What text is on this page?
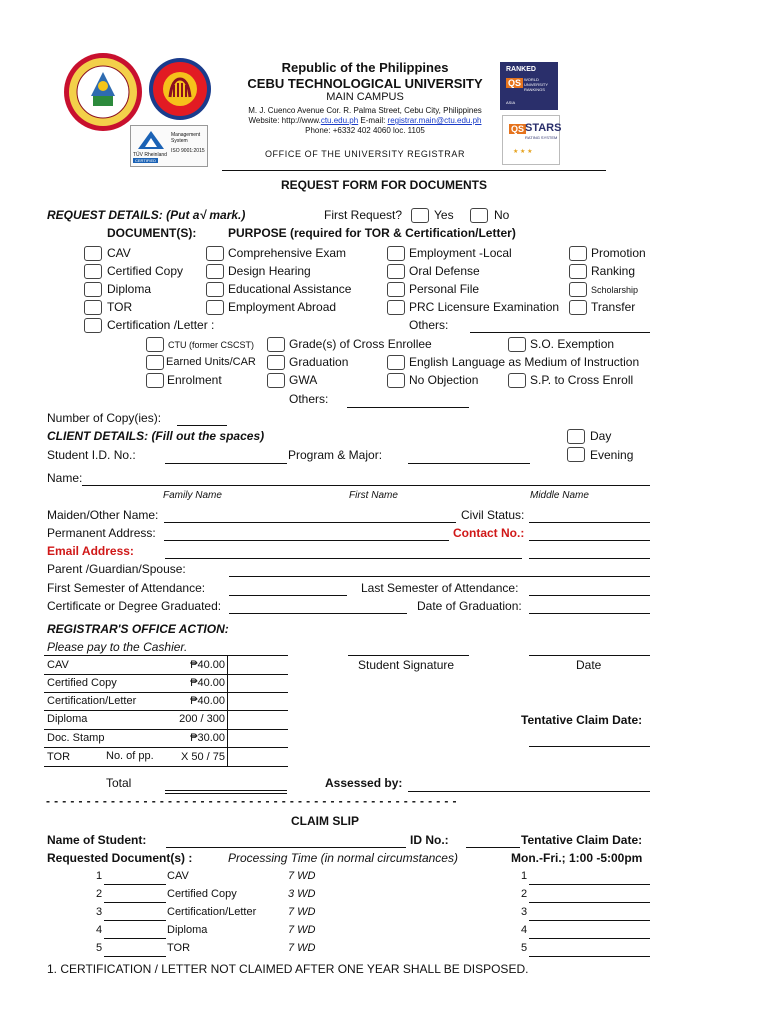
TÜV Rheinland
CERTIFIED
Management System
ISO 9001:2015
Republic of the Philippines
CEBU TECHNOLOGICAL UNIVERSITY
MAIN CAMPUS
M. J. Cuenco Avenue Cor. R. Palma Street, Cebu City, Philippines
Website: http://www.ctu.edu.ph E-mail: registrar.main@ctu.edu.ph
Phone: +6332 402 4060 loc. 1105
OFFICE OF THE UNIVERSITY REGISTRAR
RANKED
QS WORLD UNIVERSITY RANKINGS
ASIA
QS STARS
RATING SYSTEM
★ ★ ★
REQUEST FORM FOR DOCUMENTS
REQUEST DETAILS: (Put a√ mark.)	First Request?	Yes	No
DOCUMENT(S):	PURPOSE (required for TOR & Certification/Letter)
CAV
Certified Copy
Diploma
TOR
Certification /Letter :
Comprehensive Exam
Design Hearing
Educational Assistance
Employment Abroad
Employment -Local
Oral Defense
Personal File
PRC Licensure Examination
Promotion
Ranking
Scholarship
Transfer
Others:
CTU (former CSCST)
Earned Units/CAR
Enrolment
Grade(s) of Cross Enrollee
Graduation
GWA
Others:
English Language as Medium of Instruction
No Objection
S.O. Exemption
S.P. to Cross Enroll
Number of Copy(ies):
CLIENT DETAILS: (Fill out the spaces)	Day
Evening
Student I.D. No.:	Program & Major:
Name:
Family Name	First Name	Middle Name
Maiden/Other Name:	Civil Status:
Permanent Address:	Contact No.:
Email Address:
Parent /Guardian/Spouse:
First Semester of Attendance:	Last Semester of Attendance:
Certificate or Degree Graduated:	Date of Graduation:
REGISTRAR'S OFFICE ACTION:
Please pay to the Cashier.
CAV	₱40.00
Certified Copy	₱40.00
Certification/Letter	₱40.00
Diploma	200 / 300
Doc. Stamp	₱30.00
TOR	No. of pp.	X 50 / 75
Total
Student Signature	Date
Tentative Claim Date:
Assessed by:
- - - - - - - - - - - - - - - - - - - - - - - - - - - - - - - - - - - - - - - - - - - - - - - - - - -
CLAIM SLIP
Name of Student:	ID No.:	Tentative Claim Date:
Requested Document(s) :	Processing Time (in normal circumstances)	Mon.-Fri.; 1:00 -5:00pm
1	CAV	7 WD	1
2	Certified Copy	3 WD	2
3	Certification/Letter	7 WD	3
4	Diploma	7 WD	4
5	TOR	7 WD	5
1. CERTIFICATION / LETTER NOT CLAIMED AFTER ONE YEAR SHALL BE DISPOSED.
